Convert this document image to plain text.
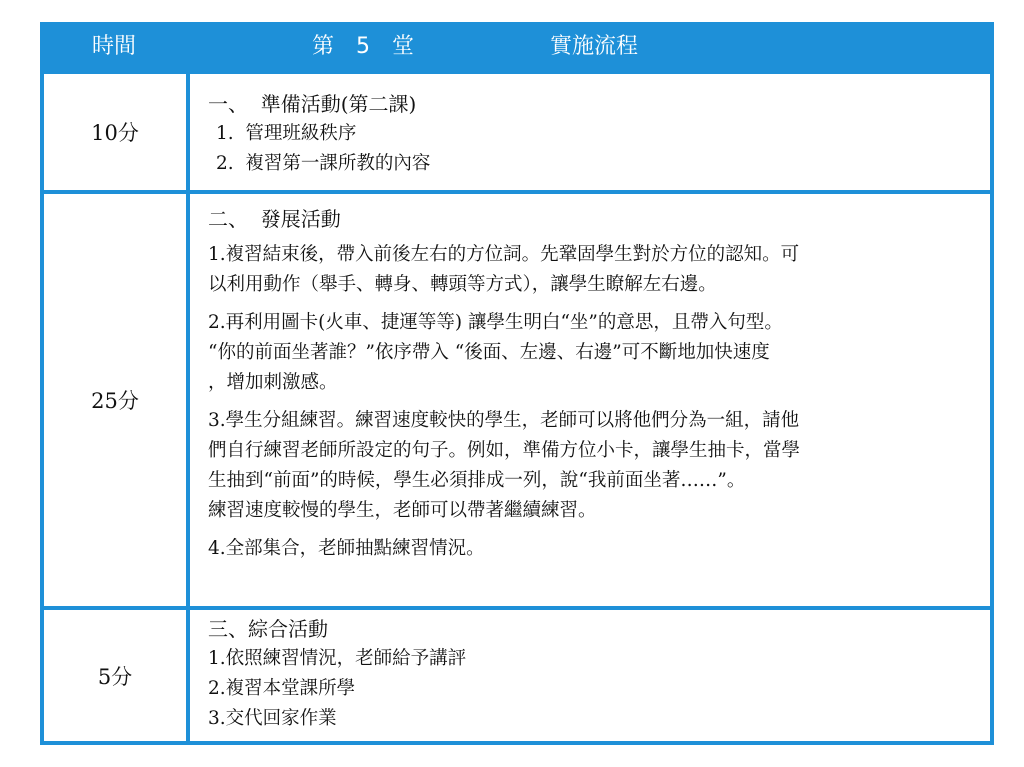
時間	第　5　堂	實施流程
10分
一、  準備活動(第二課)
1.  管理班級秩序
2.  複習第一課所教的內容
25分
二、  發展活動
1.複習結束後，帶入前後左右的方位詞。先鞏固學生對於方位的認知。可
以利用動作（舉手、轉身、轉頭等方式），讓學生瞭解左右邊。
2.再利用圖卡(火車、捷運等等) 讓學生明白“坐”的意思，且帶入句型。
“你的前面坐著誰？”依序帶入 “後面、左邊、右邊”可不斷地加快速度
，增加刺激感。
3.學生分組練習。練習速度較快的學生，老師可以將他們分為一組，請他
們自行練習老師所設定的句子。例如，準備方位小卡，讓學生抽卡，當學
生抽到“前面”的時候，學生必須排成一列，說“我前面坐著……”。
練習速度較慢的學生，老師可以帶著繼續練習。
4.全部集合，老師抽點練習情況。
5分
三、綜合活動
1.依照練習情況，老師給予講評
2.複習本堂課所學
3.交代回家作業
